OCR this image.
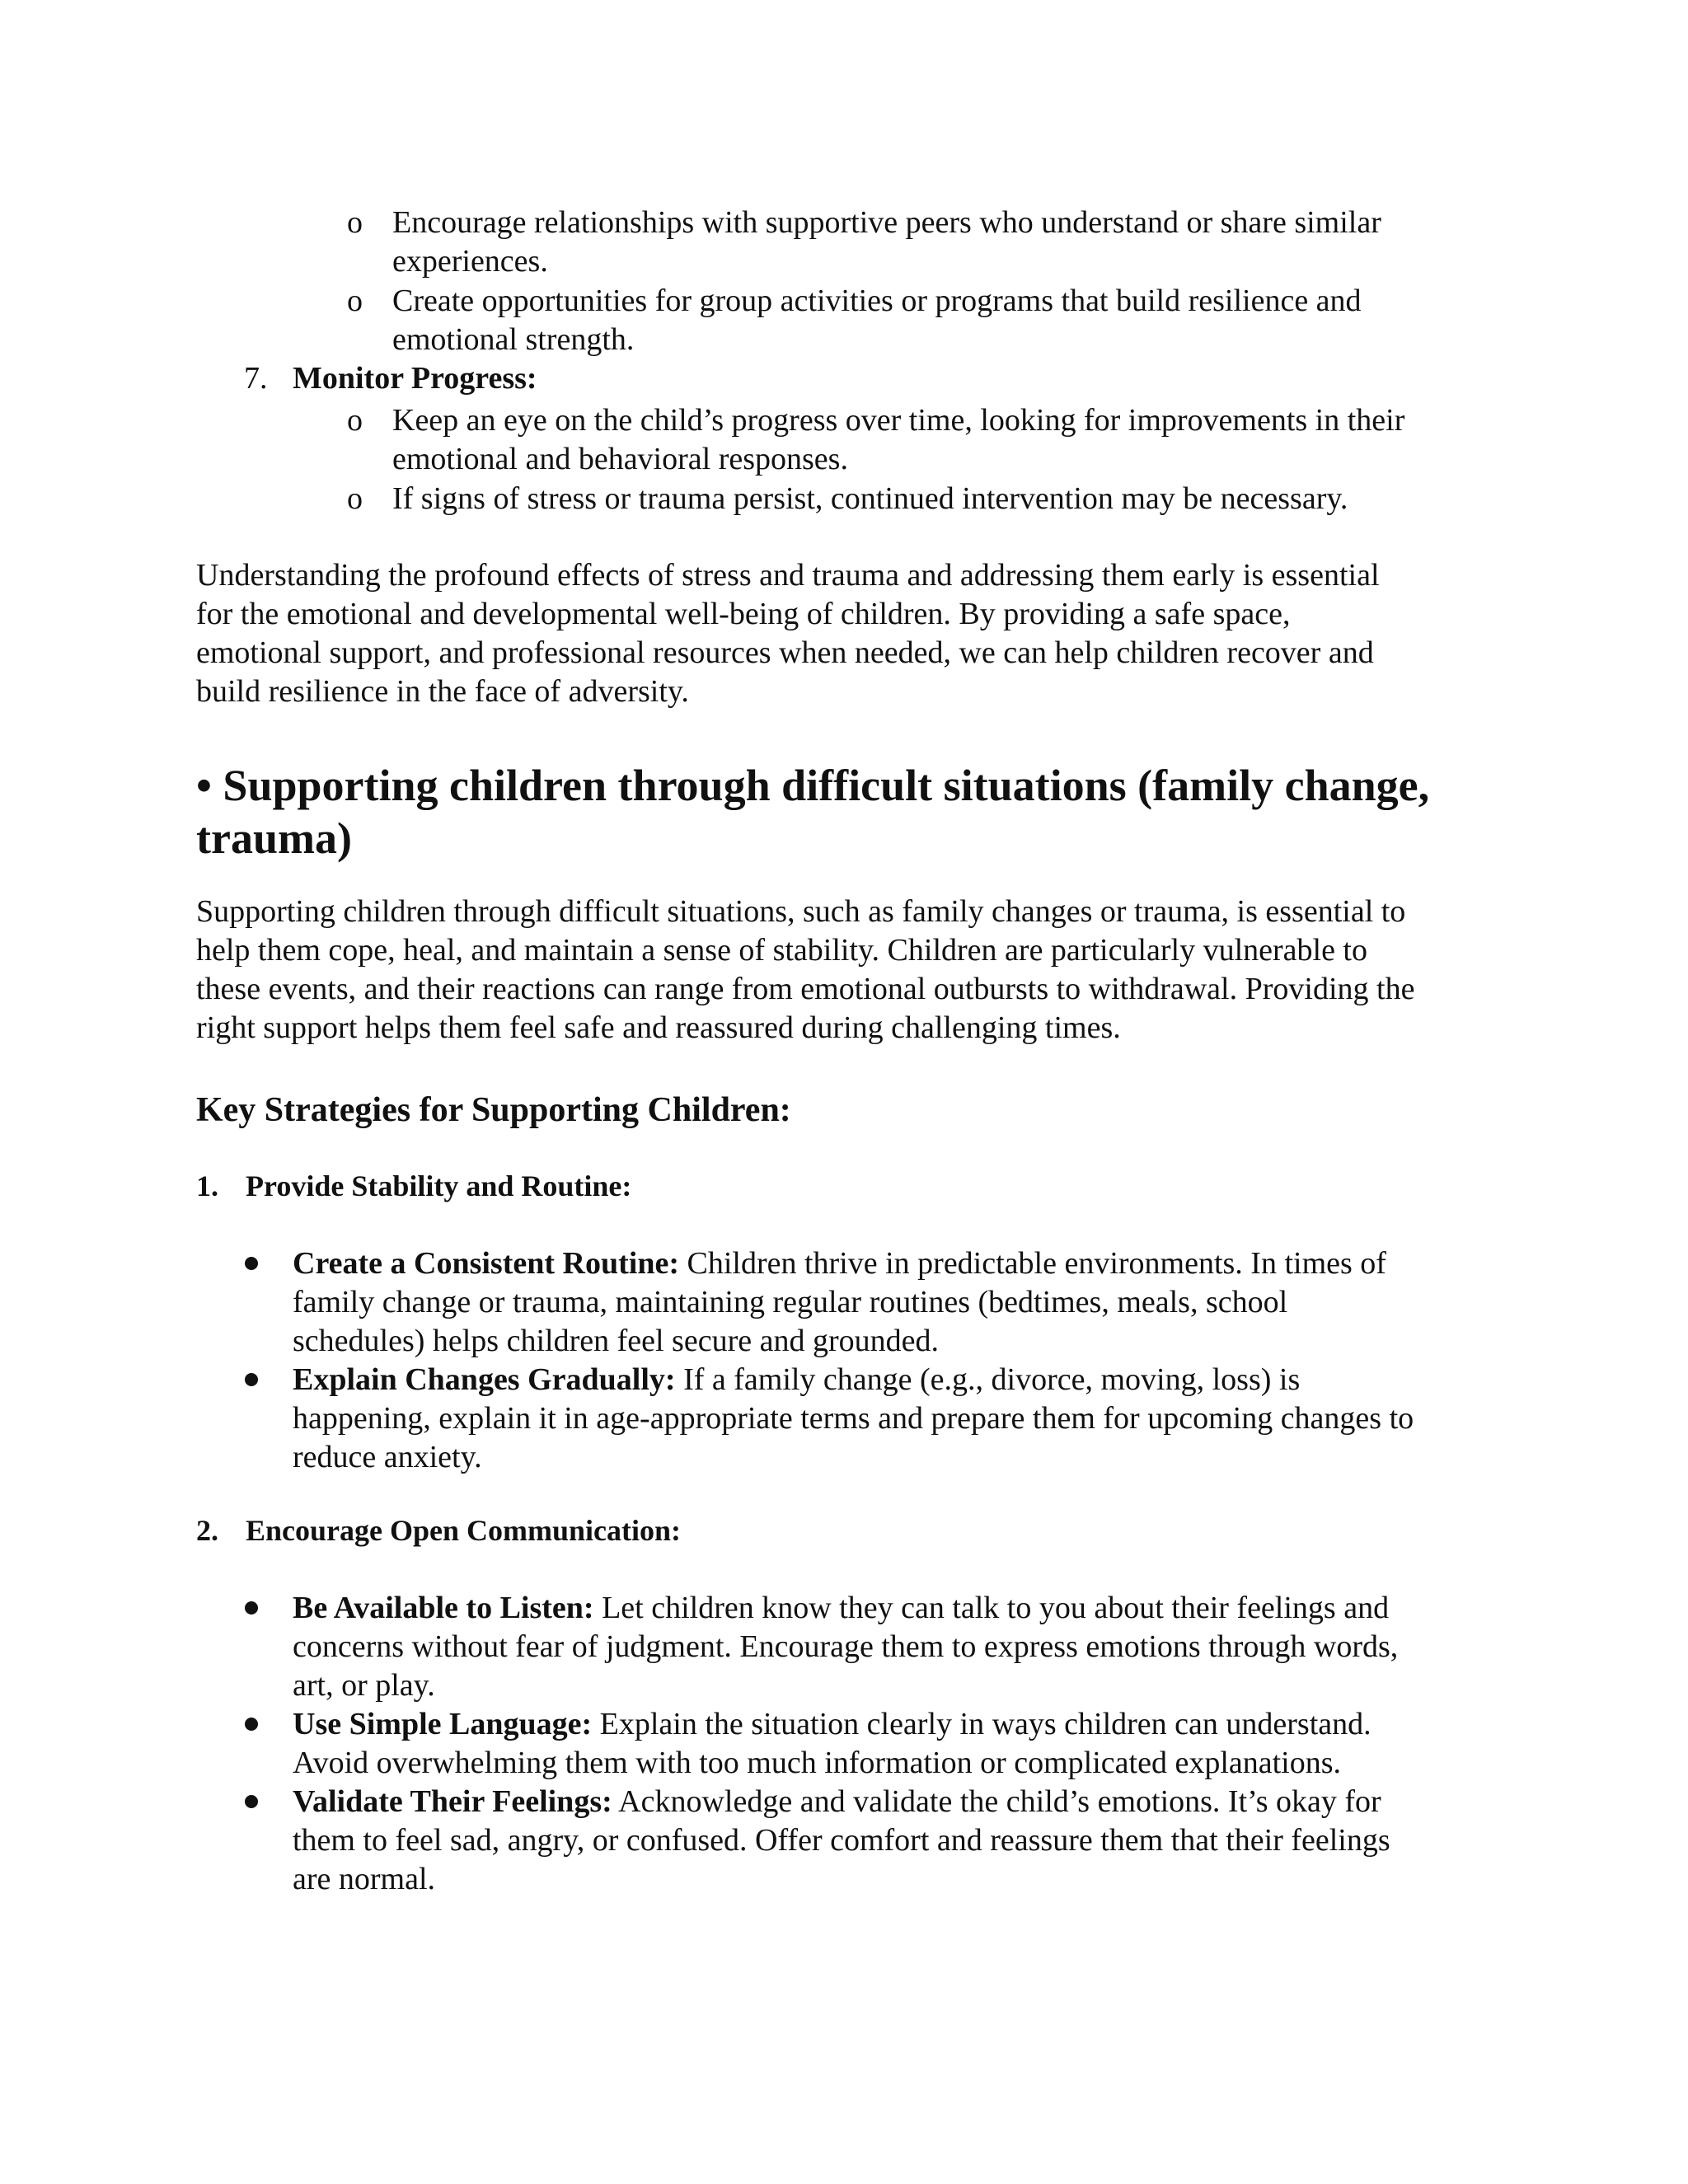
o Encourage relationships with supportive peers who understand or share similar
experiences.
o Create opportunities for group activities or programs that build resilience and
emotional strength.
7. Monitor Progress:
o Keep an eye on the child’s progress over time, looking for improvements in their
emotional and behavioral responses.
o If signs of stress or trauma persist, continued intervention may be necessary.
Understanding the profound effects of stress and trauma and addressing them early is essential
for the emotional and developmental well-being of children. By providing a safe space,
emotional support, and professional resources when needed, we can help children recover and
build resilience in the face of adversity.
• Supporting children through difficult situations (family change,
trauma)
Supporting children through difficult situations, such as family changes or trauma, is essential to
help them cope, heal, and maintain a sense of stability. Children are particularly vulnerable to
these events, and their reactions can range from emotional outbursts to withdrawal. Providing the
right support helps them feel safe and reassured during challenging times.
Key Strategies for Supporting Children:
1. Provide Stability and Routine:
Create a Consistent Routine: Children thrive in predictable environments. In times of
family change or trauma, maintaining regular routines (bedtimes, meals, school
schedules) helps children feel secure and grounded.
Explain Changes Gradually: If a family change (e.g., divorce, moving, loss) is
happening, explain it in age-appropriate terms and prepare them for upcoming changes to
reduce anxiety.
2. Encourage Open Communication:
Be Available to Listen: Let children know they can talk to you about their feelings and
concerns without fear of judgment. Encourage them to express emotions through words,
art, or play.
Use Simple Language: Explain the situation clearly in ways children can understand.
Avoid overwhelming them with too much information or complicated explanations.
Validate Their Feelings: Acknowledge and validate the child’s emotions. It’s okay for
them to feel sad, angry, or confused. Offer comfort and reassure them that their feelings
are normal.
